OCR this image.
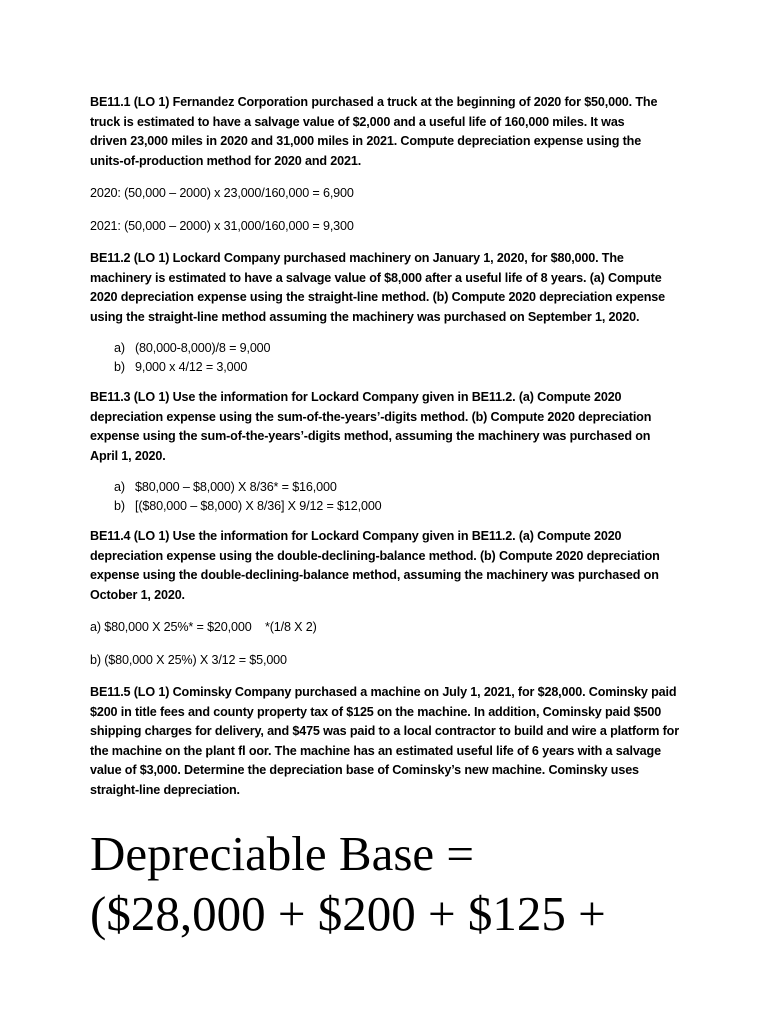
BE11.1 (LO 1) Fernandez Corporation purchased a truck at the beginning of 2020 for $50,000. The truck is estimated to have a salvage value of $2,000 and a useful life of 160,000 miles. It was driven 23,000 miles in 2020 and 31,000 miles in 2021. Compute depreciation expense using the units-of-production method for 2020 and 2021.

2020: (50,000 – 2000) x 23,000/160,000 = 6,900

2021: (50,000 – 2000) x 31,000/160,000 = 9,300

BE11.2 (LO 1) Lockard Company purchased machinery on January 1, 2020, for $80,000. The machinery is estimated to have a salvage value of $8,000 after a useful life of 8 years. (a) Compute 2020 depreciation expense using the straight-line method. (b) Compute 2020 depreciation expense using the straight-line method assuming the machinery was purchased on September 1, 2020.

a) (80,000-8,000)/8 = 9,000
b) 9,000 x 4/12 = 3,000

BE11.3 (LO 1) Use the information for Lockard Company given in BE11.2. (a) Compute 2020 depreciation expense using the sum-of-the-years’-digits method. (b) Compute 2020 depreciation expense using the sum-of-the-years’-digits method, assuming the machinery was purchased on April 1, 2020.

a) $80,000 – $8,000) X 8/36* = $16,000
b) [($80,000 – $8,000) X 8/36] X 9/12 = $12,000

BE11.4 (LO 1) Use the information for Lockard Company given in BE11.2. (a) Compute 2020 depreciation expense using the double-declining-balance method. (b) Compute 2020 depreciation expense using the double-declining-balance method, assuming the machinery was purchased on October 1, 2020.

a) $80,000 X 25%* = $20,000    *(1/8 X 2)

b) ($80,000 X 25%) X 3/12 = $5,000

BE11.5 (LO 1) Cominsky Company purchased a machine on July 1, 2021, for $28,000. Cominsky paid $200 in title fees and county property tax of $125 on the machine. In addition, Cominsky paid $500 shipping charges for delivery, and $475 was paid to a local contractor to build and wire a platform for the machine on the plant fl oor. The machine has an estimated useful life of 6 years with a salvage value of $3,000. Determine the depreciation base of Cominsky’s new machine. Cominsky uses straight-line depreciation.

Depreciable Base =

($28,000 + $200 + $125 +
